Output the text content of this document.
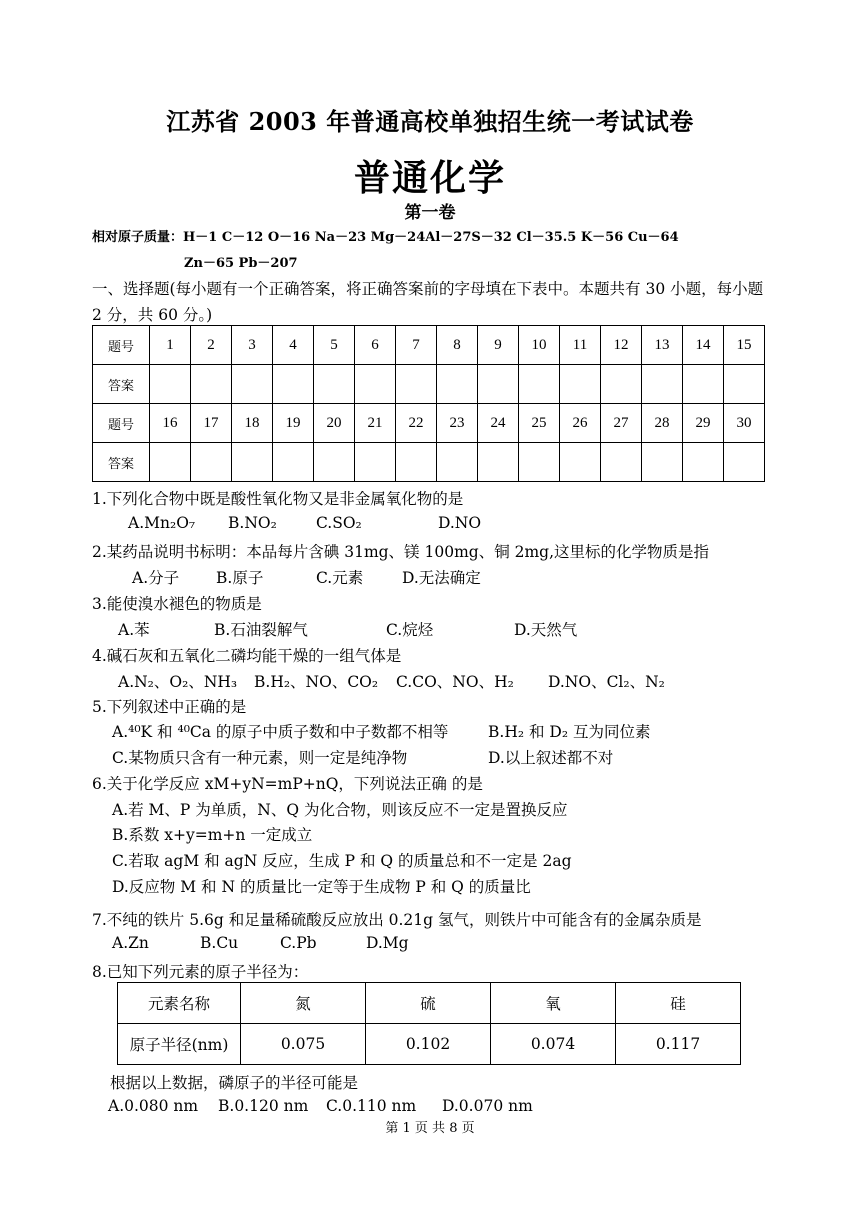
江苏省 2003 年普通高校单独招生统一考试试卷
普通化学
第一卷
相对原子质量：H－1 C－12 O－16 Na－23 Mg－24Al－27S－32 Cl－35.5 K－56 Cu－64
Zn－65 Pb－207
一、选择题(每小题有一个正确答案，将正确答案前的字母填在下表中。本题共有 30 小题，每小题 2 分，共 60 分。)
题号	1	2	3	4	5	6	7	8	9	10	11	12	13	14	15
答案															
题号	16	17	18	19	20	21	22	23	24	25	26	27	28	29	30
答案															
1.下列化合物中既是酸性氧化物又是非金属氧化物的是
A.Mn₂O₇ B.NO₂	C.SO₂	D.NO
2.某药品说明书标明：本品每片含碘 31mg、镁 100mg、铜 2mg,这里标的化学物质是指
A.分子 B.原子	C.元素	D.无法确定
3.能使溴水褪色的物质是
A.苯	B.石油裂解气	C.烷烃	D.天然气
4.碱石灰和五氧化二磷均能干燥的一组气体是
A.N₂、O₂、NH₃ B.H₂、NO、CO₂ C.CO、NO、H₂ D.NO、Cl₂、N₂
5.下列叙述中正确的是
A.⁴⁰K 和 ⁴⁰Ca 的原子中质子数和中子数都不相等	B.H₂ 和 D₂ 互为同位素
C.某物质只含有一种元素，则一定是纯净物	D.以上叙述都不对
6.关于化学反应 xM+yN=mP+nQ，下列说法正确 的是
A.若 M、P 为单质，N、Q 为化合物，则该反应不一定是置换反应
B.系数 x+y=m+n 一定成立
C.若取 agM 和 agN 反应，生成 P 和 Q 的质量总和不一定是 2ag
D.反应物 M 和 N 的质量比一定等于生成物 P 和 Q 的质量比
7.不纯的铁片 5.6g 和足量稀硫酸反应放出 0.21g 氢气，则铁片中可能含有的金属杂质是
A.Zn	B.Cu	C.Pb	D.Mg
8.已知下列元素的原子半径为：
元素名称	氮	硫	氧	硅
原子半径(nm)	0.075	0.102	0.074	0.117
根据以上数据，磷原子的半径可能是
A.0.080 nm B.0.120 nm C.0.110 nm D.0.070 nm
第 1 页 共 8 页
